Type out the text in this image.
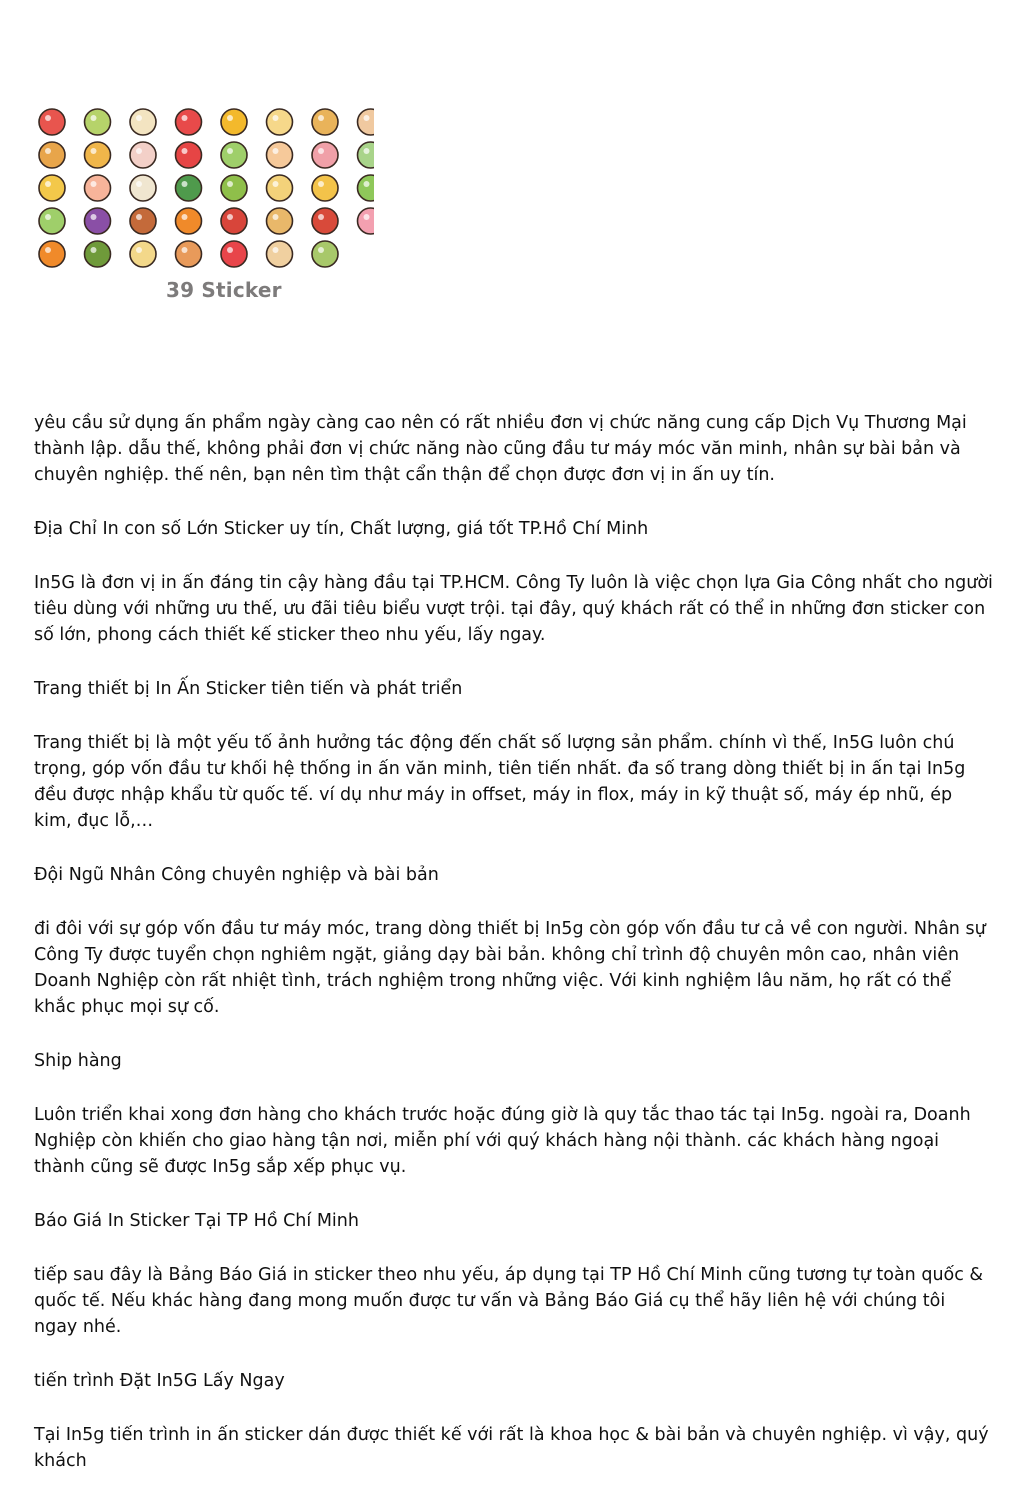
39 Sticker

yêu cầu sử dụng ấn phẩm ngày càng cao nên có rất nhiều đơn vị chức năng cung cấp Dịch Vụ Thương Mại thành lập. dẫu thế, không phải đơn vị chức năng nào cũng đầu tư máy móc văn minh, nhân sự bài bản và chuyên nghiệp. thế nên, bạn nên tìm thật cẩn thận để chọn được đơn vị in ấn uy tín.

Địa Chỉ In con số Lớn Sticker uy tín, Chất lượng, giá tốt TP.Hồ Chí Minh

In5G là đơn vị in ấn đáng tin cậy hàng đầu tại TP.HCM. Công Ty luôn là việc chọn lựa Gia Công nhất cho người tiêu dùng với những ưu thế, ưu đãi tiêu biểu vượt trội. tại đây, quý khách rất có thể in những đơn sticker con số lớn, phong cách thiết kế sticker theo nhu yếu, lấy ngay.

Trang thiết bị In Ấn Sticker tiên tiến và phát triển

Trang thiết bị là một yếu tố ảnh hưởng tác động đến chất số lượng sản phẩm. chính vì thế, In5G luôn chú trọng, góp vốn đầu tư khối hệ thống in ấn văn minh, tiên tiến nhất. đa số trang dòng thiết bị in ấn tại In5g đều được nhập khẩu từ quốc tế. ví dụ như máy in offset, máy in flox, máy in kỹ thuật số, máy ép nhũ, ép kim, đục lỗ,…

Đội Ngũ Nhân Công chuyên nghiệp và bài bản

đi đôi với sự góp vốn đầu tư máy móc, trang dòng thiết bị In5g còn góp vốn đầu tư cả về con người. Nhân sự Công Ty được tuyển chọn nghiêm ngặt, giảng dạy bài bản. không chỉ trình độ chuyên môn cao, nhân viên Doanh Nghiệp còn rất nhiệt tình, trách nghiệm trong những việc. Với kinh nghiệm lâu năm, họ rất có thể khắc phục mọi sự cố.

Ship hàng

Luôn triển khai xong đơn hàng cho khách trước hoặc đúng giờ là quy tắc thao tác tại In5g. ngoài ra, Doanh Nghiệp còn khiến cho giao hàng tận nơi, miễn phí với quý khách hàng nội thành. các khách hàng ngoại thành cũng sẽ được In5g sắp xếp phục vụ.

Báo Giá In Sticker Tại TP Hồ Chí Minh

tiếp sau đây là Bảng Báo Giá in sticker theo nhu yếu, áp dụng tại TP Hồ Chí Minh cũng tương tự toàn quốc & quốc tế. Nếu khác hàng đang mong muốn được tư vấn và Bảng Báo Giá cụ thể hãy liên hệ với chúng tôi ngay nhé.

tiến trình Đặt In5G Lấy Ngay

Tại In5g tiến trình in ấn sticker dán được thiết kế với rất là khoa học & bài bản và chuyên nghiệp. vì vậy, quý khách
